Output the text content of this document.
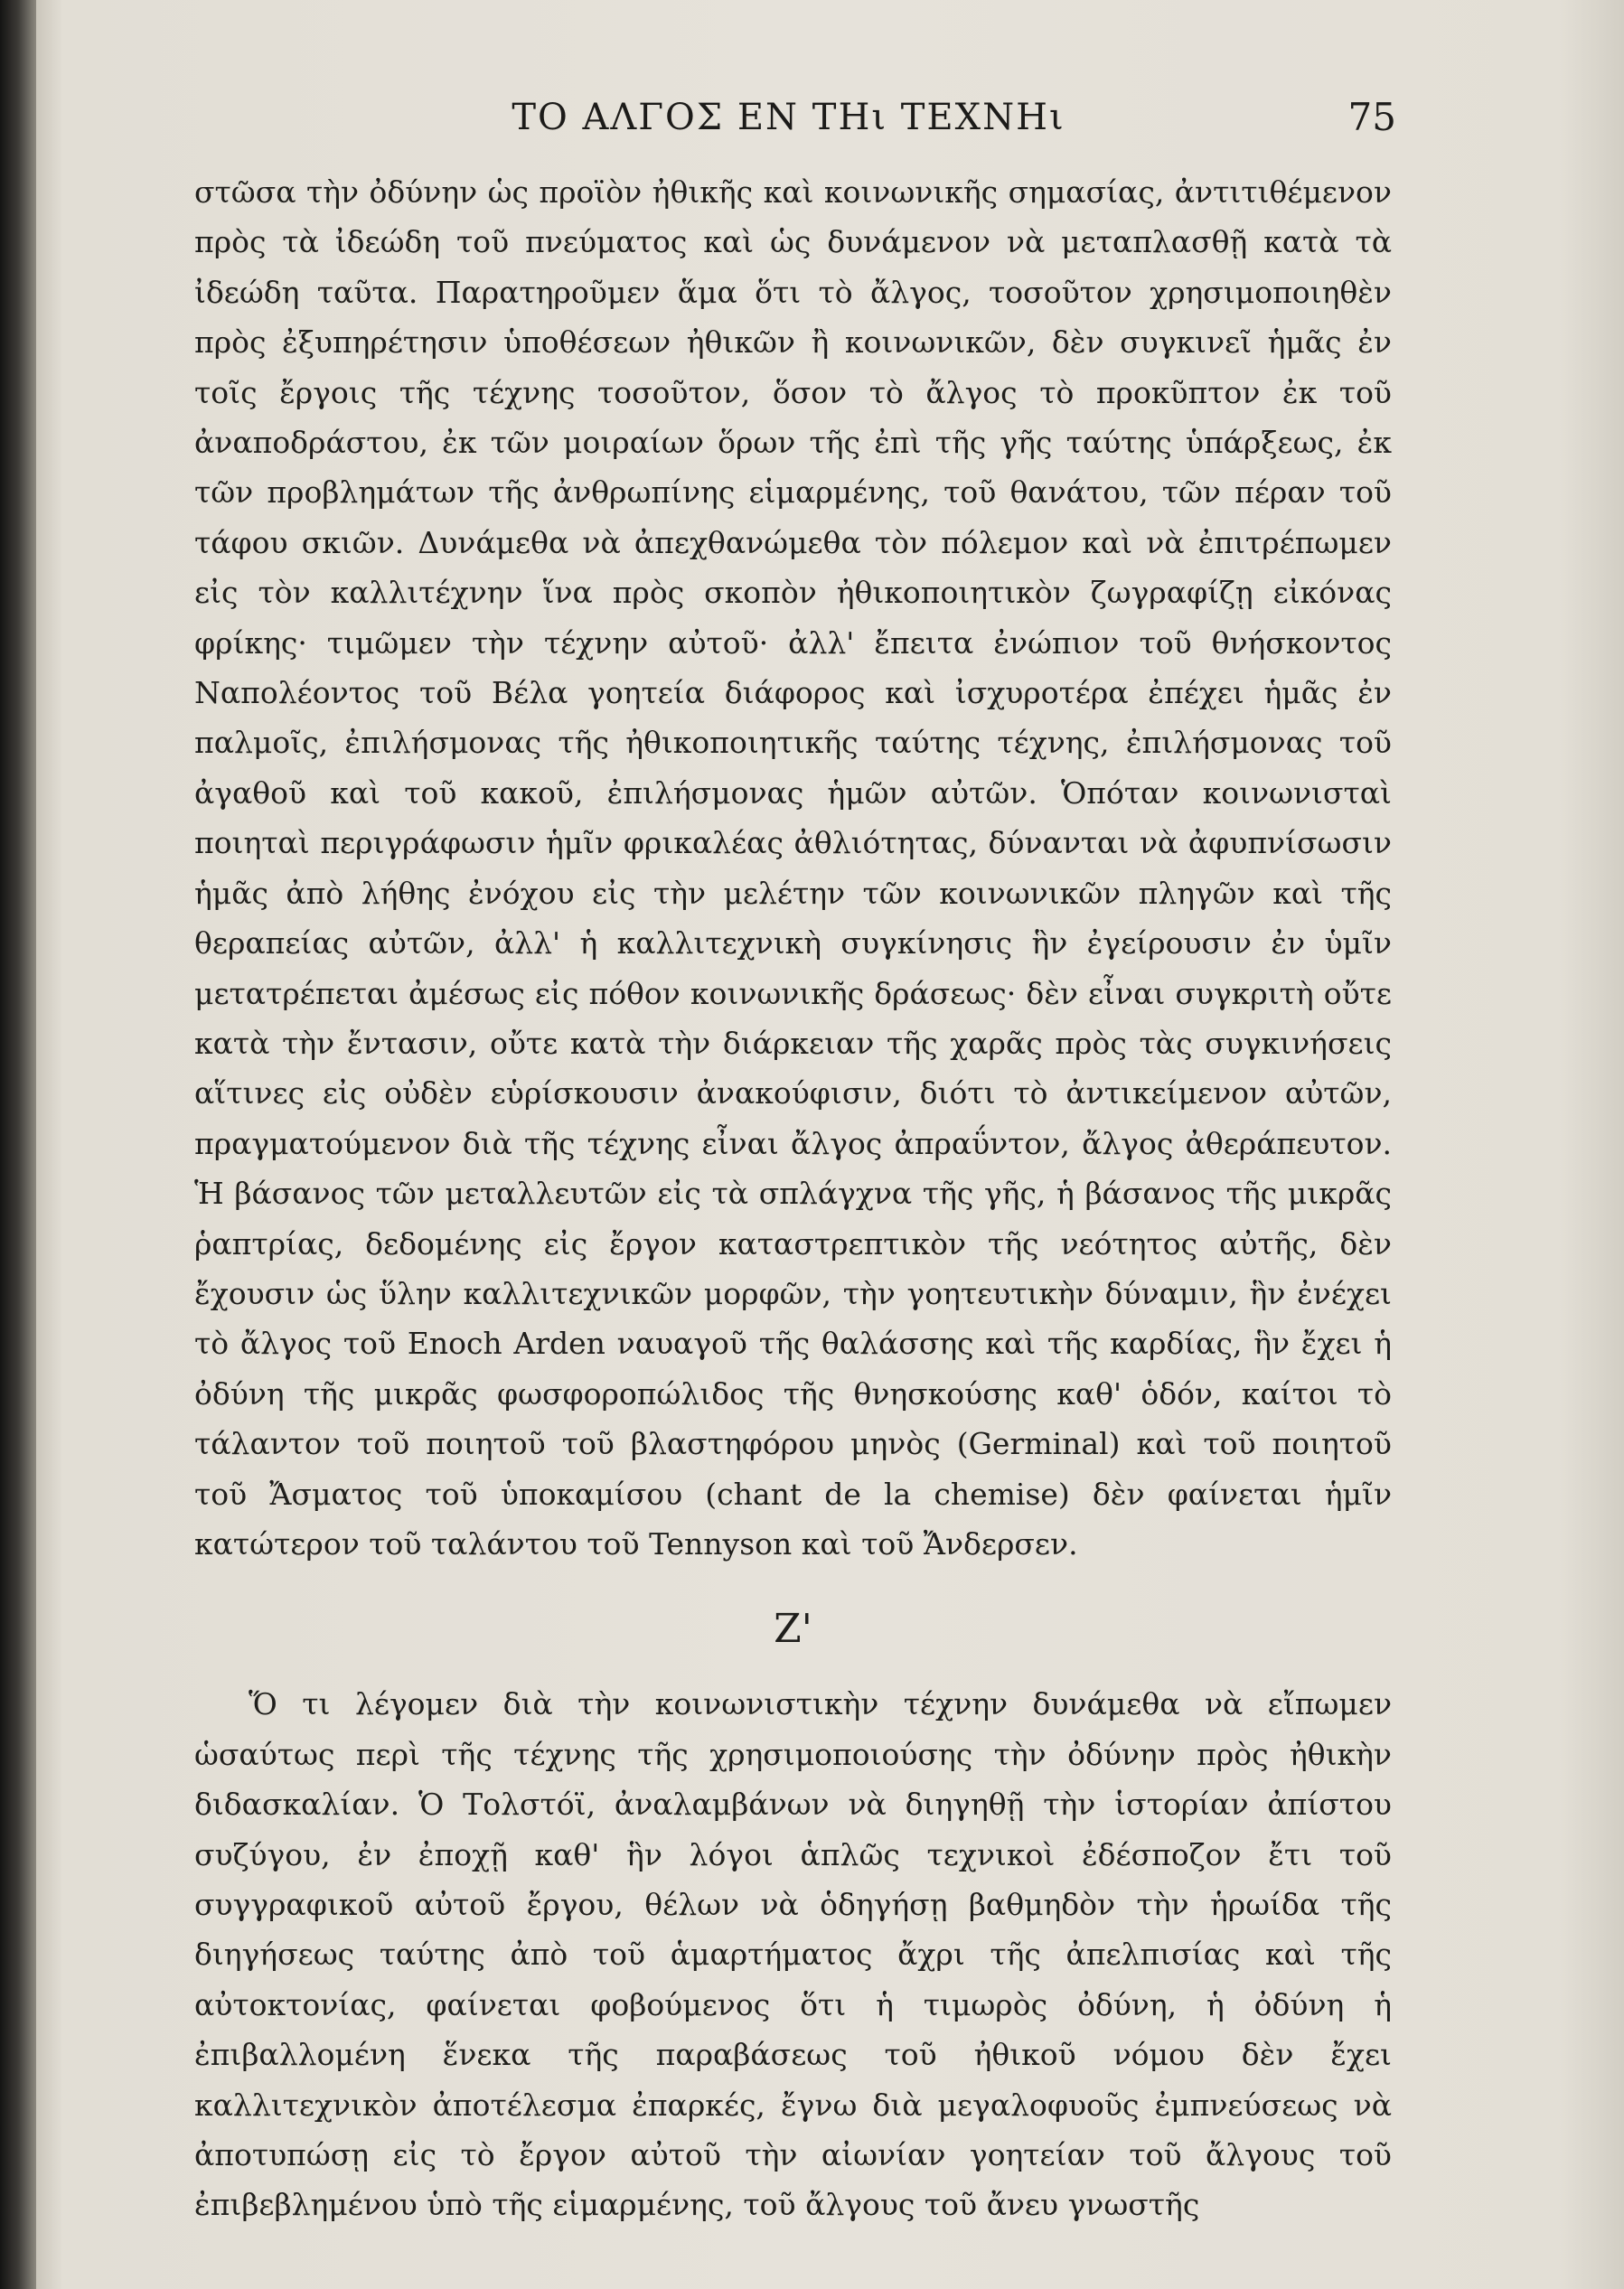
ΤΟ ΑΛΓΟΣ ΕΝ ΤΗι ΤΕΧΝΗι	75

στῶσα τὴν ὀδύνην ὡς προϊὸν ἠθικῆς καὶ κοινωνικῆς σημασίας, ἀντιτιθέμενον πρὸς τὰ ἰδεώδη τοῦ πνεύματος καὶ ὡς δυνάμενον νὰ μεταπλασθῇ κατὰ τὰ ἰδεώδη ταῦτα. Παρατηροῦμεν ἅμα ὅτι τὸ ἄλγος, τοσοῦτον χρησιμοποιηθὲν πρὸς ἐξυπηρέτησιν ὑποθέσεων ἠθικῶν ἢ κοινωνικῶν, δὲν συγκινεῖ ἡμᾶς ἐν τοῖς ἔργοις τῆς τέχνης τοσοῦτον, ὅσον τὸ ἄλγος τὸ προκῦπτον ἐκ τοῦ ἀναποδράστου, ἐκ τῶν μοιραίων ὅρων τῆς ἐπὶ τῆς γῆς ταύτης ὑπάρξεως, ἐκ τῶν προβλημάτων τῆς ἀνθρωπίνης εἱμαρμένης, τοῦ θανάτου, τῶν πέραν τοῦ τάφου σκιῶν. Δυνάμεθα νὰ ἀπεχθανώμεθα τὸν πόλεμον καὶ νὰ ἐπιτρέπωμεν εἰς τὸν καλλιτέχνην ἵνα πρὸς σκοπὸν ἠθικοποιητικὸν ζωγραφίζῃ εἰκόνας φρίκης· τιμῶμεν τὴν τέχνην αὐτοῦ· ἀλλ' ἔπειτα ἐνώπιον τοῦ θνήσκοντος Ναπολέοντος τοῦ Βέλα γοητεία διάφορος καὶ ἰσχυροτέρα ἐπέχει ἡμᾶς ἐν παλμοῖς, ἐπιλήσμονας τῆς ἠθικοποιητικῆς ταύτης τέχνης, ἐπιλήσμονας τοῦ ἀγαθοῦ καὶ τοῦ κακοῦ, ἐπιλήσμονας ἡμῶν αὐτῶν. Ὁπόταν κοινωνισταὶ ποιηταὶ περιγράφωσιν ἡμῖν φρικαλέας ἀθλιότητας, δύνανται νὰ ἀφυπνίσωσιν ἡμᾶς ἀπὸ λήθης ἐνόχου εἰς τὴν μελέτην τῶν κοινωνικῶν πληγῶν καὶ τῆς θεραπείας αὐτῶν, ἀλλ' ἡ καλλιτεχνικὴ συγκίνησις ἣν ἐγείρουσιν ἐν ὑμῖν μετατρέπεται ἀμέσως εἰς πόθον κοινωνικῆς δράσεως· δὲν εἶναι συγκριτὴ οὔτε κατὰ τὴν ἔντασιν, οὔτε κατὰ τὴν διάρκειαν τῆς χαρᾶς πρὸς τὰς συγκινήσεις αἵτινες εἰς οὐδὲν εὑρίσκουσιν ἀνακούφισιν, διότι τὸ ἀντικείμενον αὐτῶν, πραγματούμενον διὰ τῆς τέχνης εἶναι ἄλγος ἀπραΰντον, ἄλγος ἀθεράπευτον. Ἡ βάσανος τῶν μεταλλευτῶν εἰς τὰ σπλάγχνα τῆς γῆς, ἡ βάσανος τῆς μικρᾶς ῥαπτρίας, δεδομένης εἰς ἔργον καταστρεπτικὸν τῆς νεότητος αὐτῆς, δὲν ἔχουσιν ὡς ὕλην καλλιτεχνικῶν μορφῶν, τὴν γοητευτικὴν δύναμιν, ἣν ἐνέχει τὸ ἄλγος τοῦ Enoch Arden ναυαγοῦ τῆς θαλάσσης καὶ τῆς καρδίας, ἣν ἔχει ἡ ὀδύνη τῆς μικρᾶς φωσφοροπώλιδος τῆς θνησκούσης καθ' ὁδόν, καίτοι τὸ τάλαντον τοῦ ποιητοῦ τοῦ βλαστηφόρου μηνὸς (Germinal) καὶ τοῦ ποιητοῦ τοῦ Ἄσματος τοῦ ὑποκαμίσου (chant de la chemise) δὲν φαίνεται ἡμῖν κατώτερον τοῦ ταλάντου τοῦ Tennyson καὶ τοῦ Ἄνδερσεν.

Ζ'

Ὅ τι λέγομεν διὰ τὴν κοινωνιστικὴν τέχνην δυνάμεθα νὰ εἴπωμεν ὡσαύτως περὶ τῆς τέχνης τῆς χρησιμοποιούσης τὴν ὀδύνην πρὸς ἠθικὴν διδασκαλίαν. Ὁ Τολστόϊ, ἀναλαμβάνων νὰ διηγηθῇ τὴν ἱστορίαν ἀπίστου συζύγου, ἐν ἐποχῇ καθ' ἣν λόγοι ἁπλῶς τεχνικοὶ ἐδέσποζον ἔτι τοῦ συγγραφικοῦ αὐτοῦ ἔργου, θέλων νὰ ὁδηγήσῃ βαθμηδὸν τὴν ἡρωίδα τῆς διηγήσεως ταύτης ἀπὸ τοῦ ἁμαρτήματος ἄχρι τῆς ἀπελπισίας καὶ τῆς αὐτοκτονίας, φαίνεται φοβούμενος ὅτι ἡ τιμωρὸς ὀδύνη, ἡ ὀδύνη ἡ ἐπιβαλλομένη ἕνεκα τῆς παραβάσεως τοῦ ἠθικοῦ νόμου δὲν ἔχει καλλιτεχνικὸν ἀποτέλεσμα ἐπαρκές, ἔγνω διὰ μεγαλοφυοῦς ἐμπνεύσεως νὰ ἀποτυπώσῃ εἰς τὸ ἔργον αὐτοῦ τὴν αἰωνίαν γοητείαν τοῦ ἄλγους τοῦ ἐπιβεβλημένου ὑπὸ τῆς εἱμαρμένης, τοῦ ἄλγους τοῦ ἄνευ γνωστῆς
